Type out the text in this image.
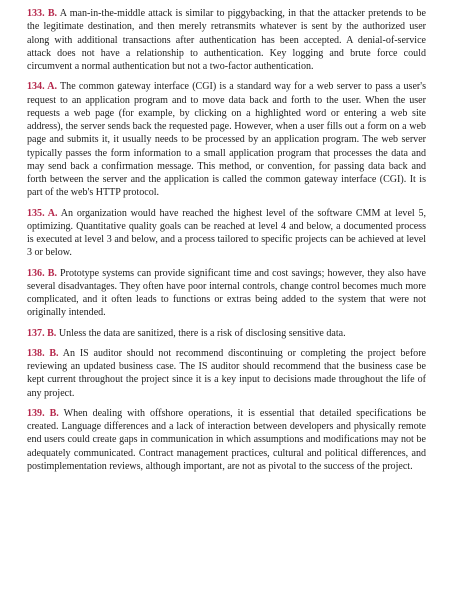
133. B. A man-in-the-middle attack is similar to piggybacking, in that the attacker pretends to be the legitimate destination, and then merely retransmits whatever is sent by the authorized user along with additional transactions after authentication has been accepted. A denial-of-service attack does not have a relationship to authentication. Key logging and brute force could circumvent a normal authentication but not a two-factor authentication.

134. A. The common gateway interface (CGI) is a standard way for a web server to pass a user's request to an application program and to move data back and forth to the user. When the user requests a web page (for example, by clicking on a highlighted word or entering a web site address), the server sends back the requested page. However, when a user fills out a form on a web page and submits it, it usually needs to be processed by an application program. The web server typically passes the form information to a small application program that processes the data and may send back a confirmation message. This method, or convention, for passing data back and forth between the server and the application is called the common gateway interface (CGI). It is part of the web's HTTP protocol.

135. A. An organization would have reached the highest level of the software CMM at level 5, optimizing. Quantitative quality goals can be reached at level 4 and below, a documented process is executed at level 3 and below, and a process tailored to specific projects can be achieved at level 3 or below.

136. B. Prototype systems can provide significant time and cost savings; however, they also have several disadvantages. They often have poor internal controls, change control becomes much more complicated, and it often leads to functions or extras being added to the system that were not originally intended.

137. B. Unless the data are sanitized, there is a risk of disclosing sensitive data.

138. B. An IS auditor should not recommend discontinuing or completing the project before reviewing an updated business case. The IS auditor should recommend that the business case be kept current throughout the project since it is a key input to decisions made throughout the life of any project.

139. B. When dealing with offshore operations, it is essential that detailed specifications be created. Language differences and a lack of interaction between developers and physically remote end users could create gaps in communication in which assumptions and modifications may not be adequately communicated. Contract management practices, cultural and political differences, and postimplementation reviews, although important, are not as pivotal to the success of the project.
